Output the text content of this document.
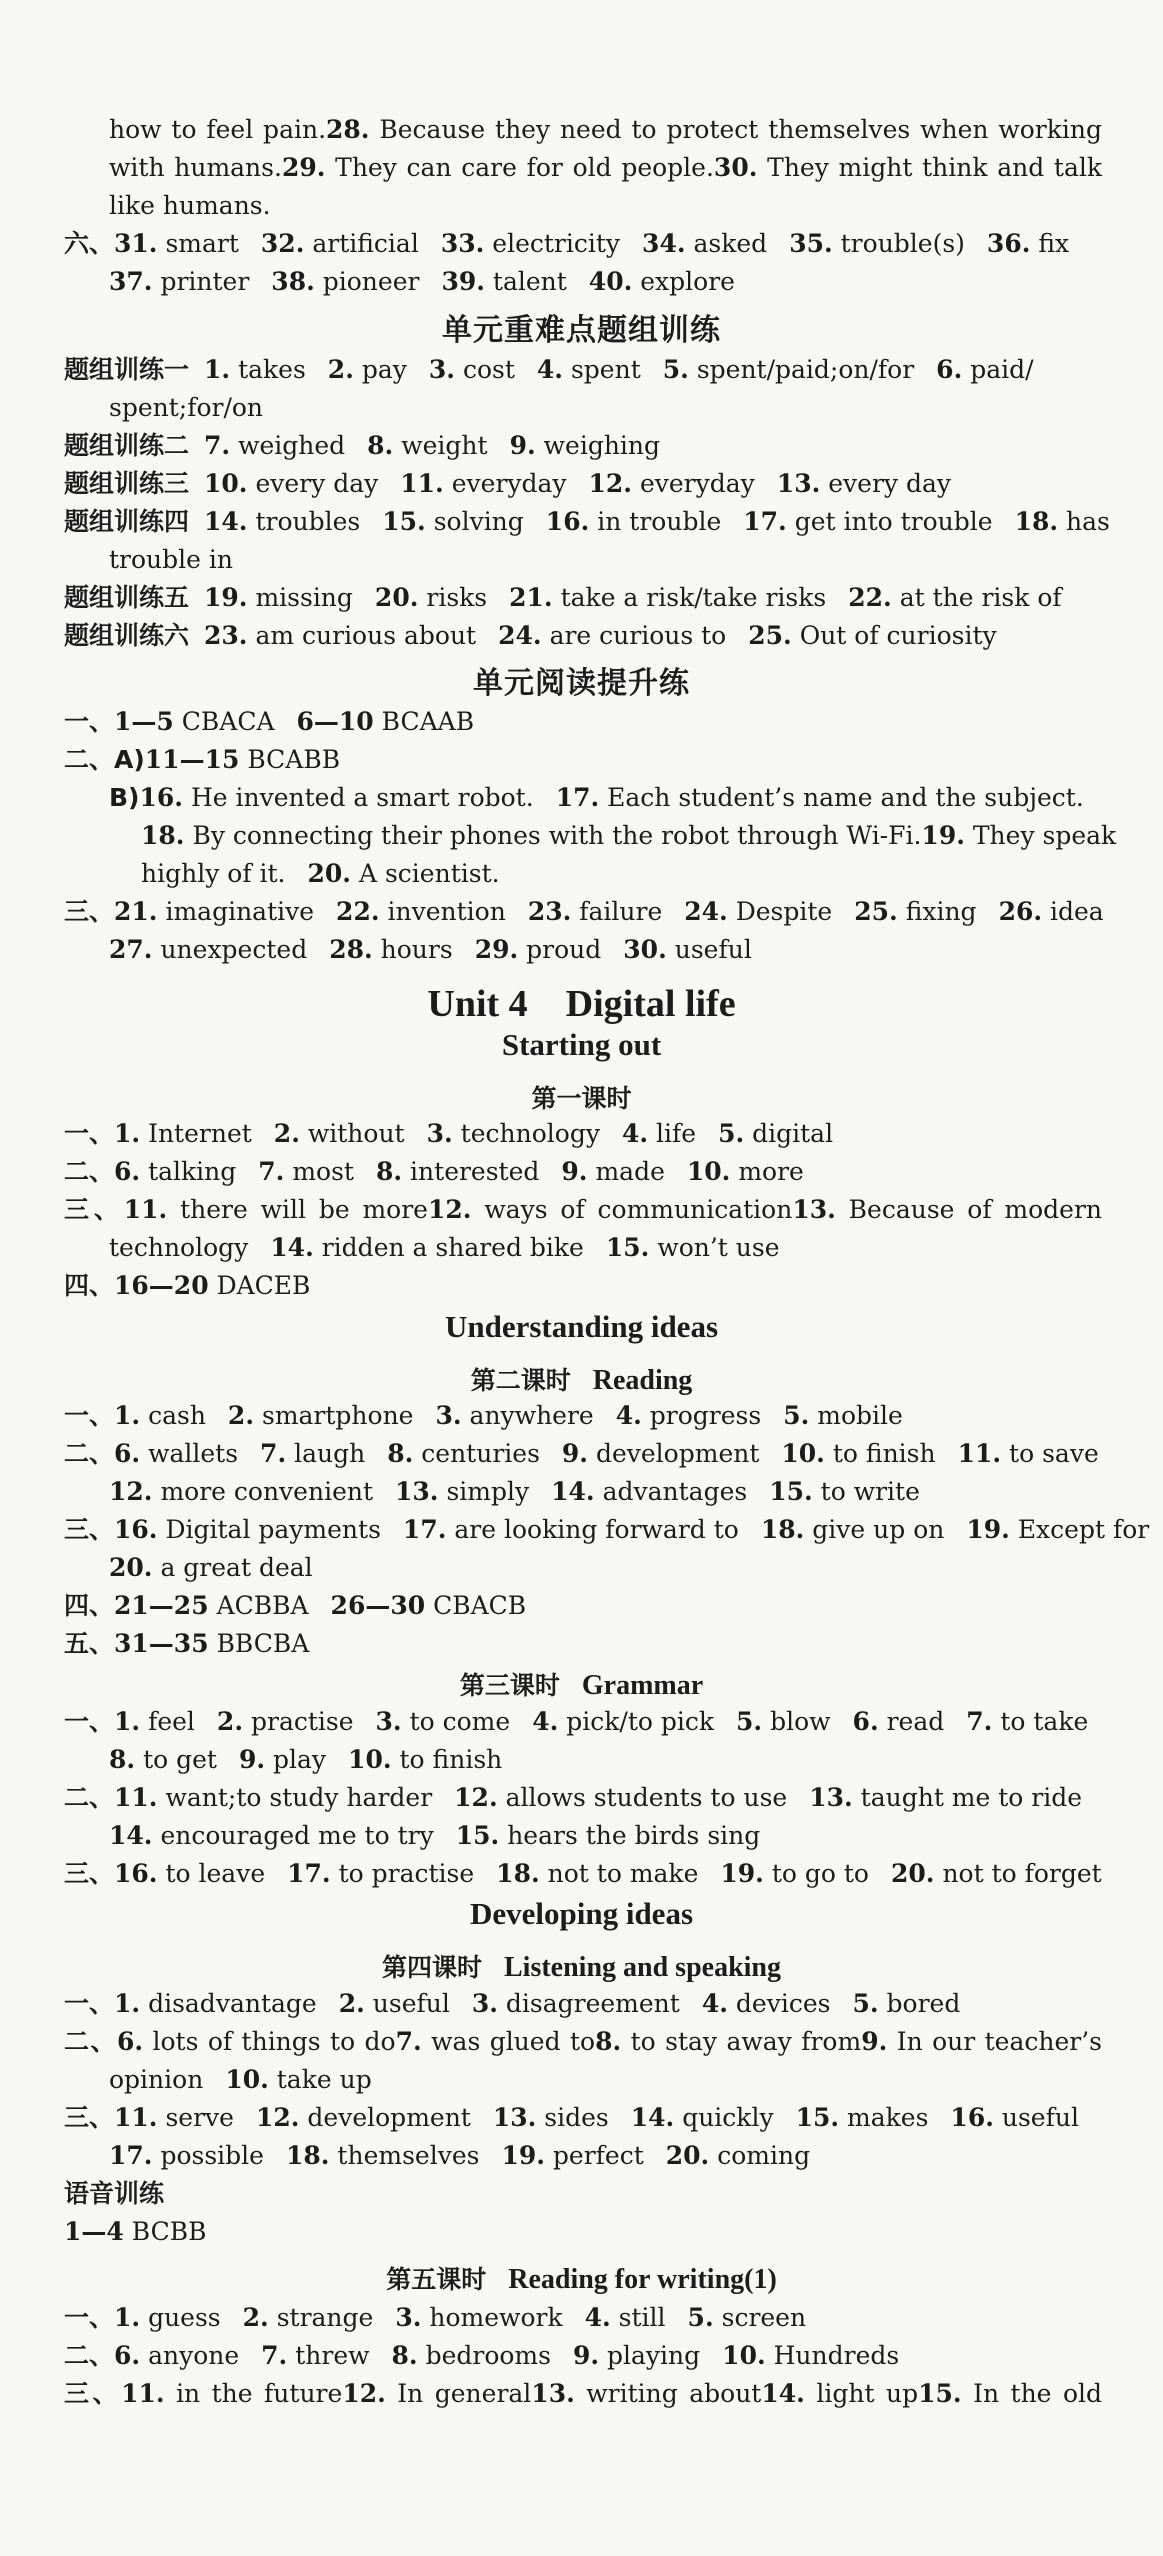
how to feel pain.28. Because they need to protect themselves when working
with humans.29. They can care for old people.30. They might think and talk
like humans.
六、31. smart 32. artificial 33. electricity 34. asked 35. trouble(s) 36. fix
37. printer 38. pioneer 39. talent 40. explore
单元重难点题组训练
题组训练一 1. takes 2. pay 3. cost 4. spent 5. spent/paid;on/for 6. paid/
spent;for/on
题组训练二 7. weighed 8. weight 9. weighing
题组训练三 10. every day 11. everyday 12. everyday 13. every day
题组训练四 14. troubles 15. solving 16. in trouble 17. get into trouble 18. has
trouble in
题组训练五 19. missing 20. risks 21. take a risk/take risks 22. at the risk of
题组训练六 23. am curious about 24. are curious to 25. Out of curiosity
单元阅读提升练
一、1—5 CBACA 6—10 BCAAB
二、A)11—15 BCABB
B)16. He invented a smart robot. 17. Each student’s name and the subject.
18. By connecting their phones with the robot through Wi-Fi.19. They speak
highly of it. 20. A scientist.
三、21. imaginative 22. invention 23. failure 24. Despite 25. fixing 26. idea
27. unexpected 28. hours 29. proud 30. useful
Unit 4　Digital life
Starting out
第一课时
一、1. Internet 2. without 3. technology 4. life 5. digital
二、6. talking 7. most 8. interested 9. made 10. more
三、11. there will be more12. ways of communication13. Because of modern
technology 14. ridden a shared bike 15. won’t use
四、16—20 DACEB
Understanding ideas
第二课时 Reading
一、1. cash 2. smartphone 3. anywhere 4. progress 5. mobile
二、6. wallets 7. laugh 8. centuries 9. development 10. to finish 11. to save
12. more convenient 13. simply 14. advantages 15. to write
三、16. Digital payments 17. are looking forward to 18. give up on 19. Except for
20. a great deal
四、21—25 ACBBA 26—30 CBACB
五、31—35 BBCBA
第三课时 Grammar
一、1. feel 2. practise 3. to come 4. pick/to pick 5. blow 6. read 7. to take
8. to get 9. play 10. to finish
二、11. want;to study harder 12. allows students to use 13. taught me to ride
14. encouraged me to try 15. hears the birds sing
三、16. to leave 17. to practise 18. not to make 19. to go to 20. not to forget
Developing ideas
第四课时 Listening and speaking
一、1. disadvantage 2. useful 3. disagreement 4. devices 5. bored
二、6. lots of things to do7. was glued to8. to stay away from9. In our teacher’s
opinion 10. take up
三、11. serve 12. development 13. sides 14. quickly 15. makes 16. useful
17. possible 18. themselves 19. perfect 20. coming
语音训练
1—4 BCBB
第五课时 Reading for writing(1)
一、1. guess 2. strange 3. homework 4. still 5. screen
二、6. anyone 7. threw 8. bedrooms 9. playing 10. Hundreds
三、11. in the future12. In general13. writing about14. light up15. In the old
